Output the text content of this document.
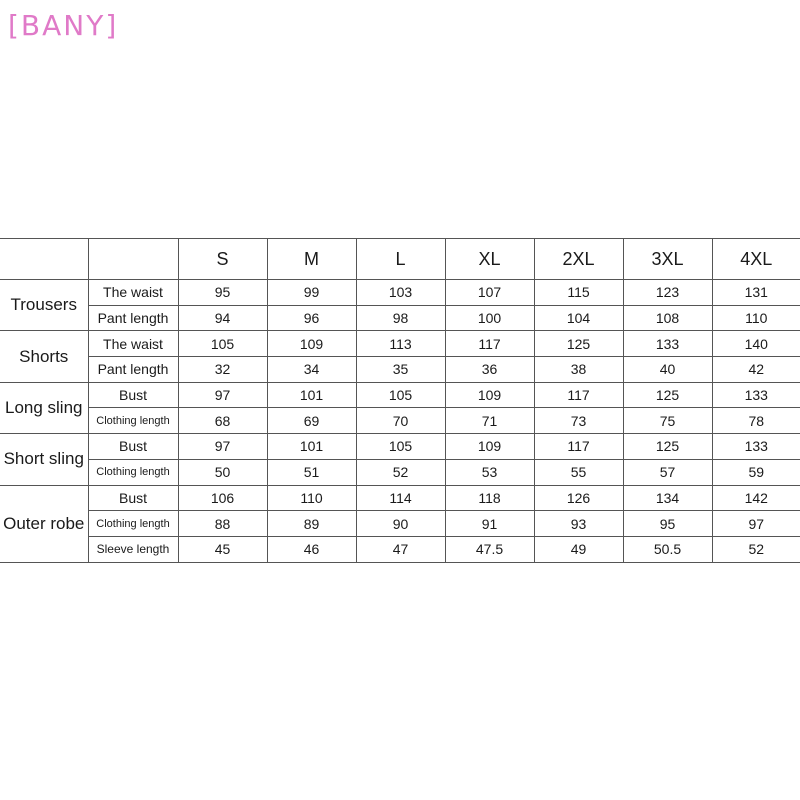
[BANY]
		S	M	L	XL	2XL	3XL	4XL
Trousers	The waist	95	99	103	107	115	123	131
	Pant length	94	96	98	100	104	108	110
Shorts	The waist	105	109	113	117	125	133	140
	Pant length	32	34	35	36	38	40	42
Long sling	Bust	97	101	105	109	117	125	133
	Clothing length	68	69	70	71	73	75	78
Short sling	Bust	97	101	105	109	117	125	133
	Clothing length	50	51	52	53	55	57	59
Outer robe	Bust	106	110	114	118	126	134	142
	Clothing length	88	89	90	91	93	95	97
	Sleeve length	45	46	47	47.5	49	50.5	52
